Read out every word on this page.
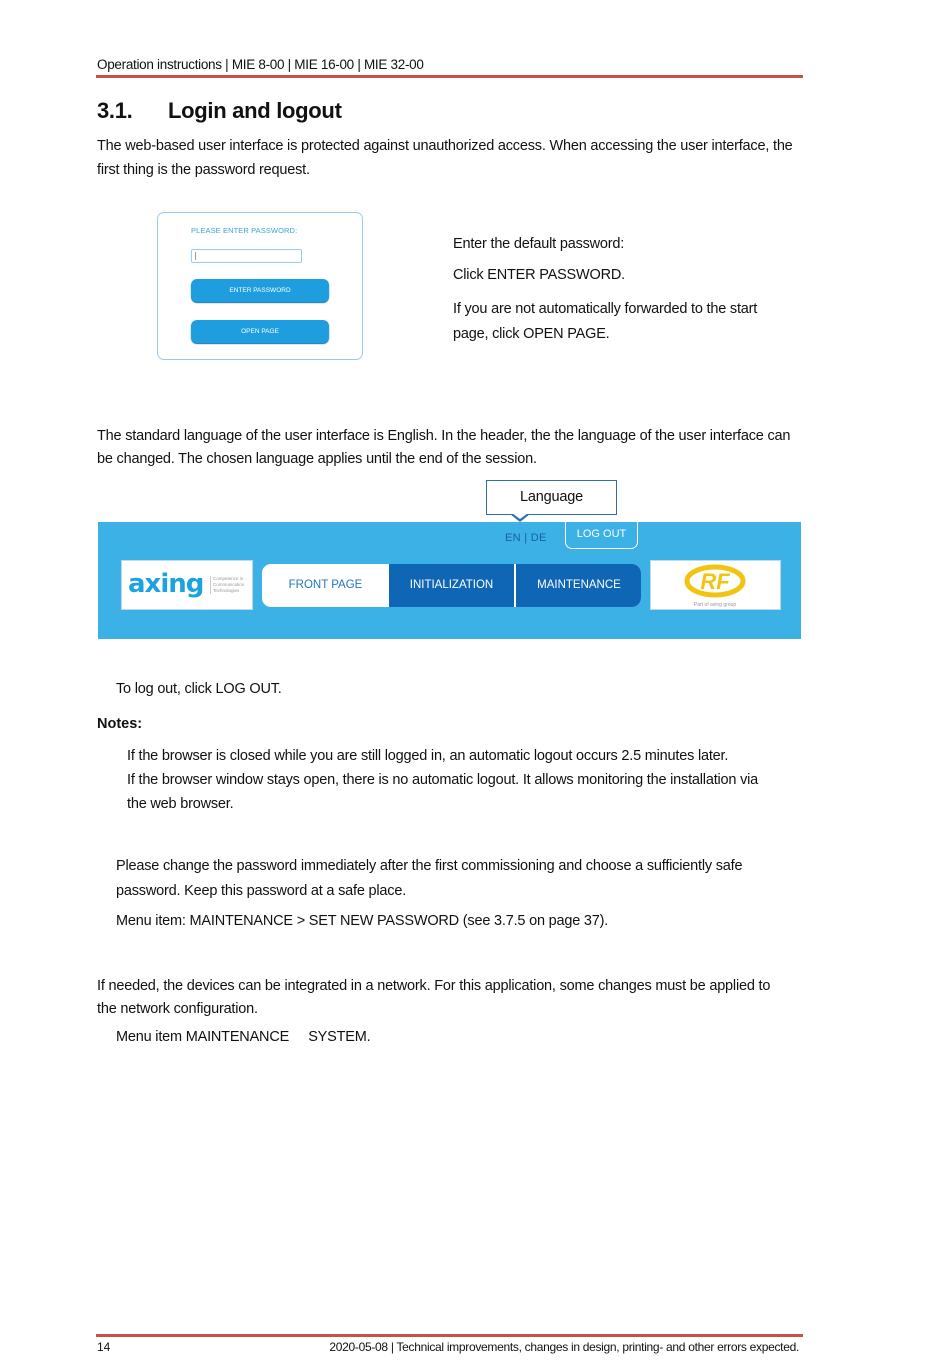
Operation instructions | MIE 8-00 | MIE 16-00 | MIE 32-00
3.1. Login and logout

The web-based user interface is protected against unauthorized access. When accessing the user interface, the

first thing is the password request.

PLEASE ENTER PASSWORD:
ENTER PASSWORD
OPEN PAGE
Enter the default password:
Click ENTER PASSWORD.
If you are not automatically forwarded to the start
page, click OPEN PAGE.

The standard language of the user interface is English. In the header, the the language of the user interface can

be changed. The chosen language applies until the end of the session.

Language
EN | DE	LOG OUT
axing	Competence in Communication Technologies	FRONT PAGE	INITIALIZATION	MAINTENANCE	RF
Part of axing group
To log out, click LOG OUT.
Notes:

If the browser is closed while you are still logged in, an automatic logout occurs 2.5 minutes later.

If the browser window stays open, there is no automatic logout. It allows monitoring the installation via

the web browser.

Please change the password immediately after the first commissioning and choose a sufficiently safe
password. Keep this password at a safe place.
Menu item: MAINTENANCE > SET NEW PASSWORD (see 3.7.5 on page 37).

If needed, the devices can be integrated in a network. For this application, some changes must be applied to

the network configuration.

Menu item MAINTENANCE     SYSTEM.
14	2020-05-08 | Technical improvements, changes in design, printing- and other errors expected.
